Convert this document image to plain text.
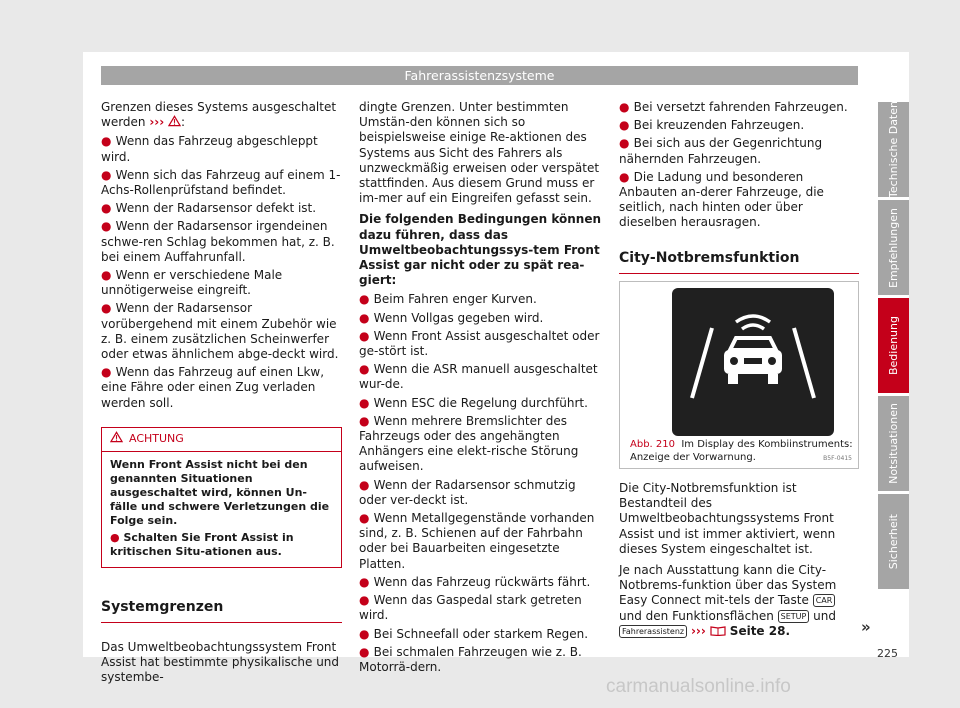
Fahrerassistenzsysteme
Grenzen dieses Systems ausgeschaltet werden ››› :
● Wenn das Fahrzeug abgeschleppt wird.
● Wenn sich das Fahrzeug auf einem 1-Achs-Rollenprüfstand befindet.
● Wenn der Radarsensor defekt ist.
● Wenn der Radarsensor irgendeinen schwe-ren Schlag bekommen hat, z. B. bei einem Auffahrunfall.
● Wenn er verschiedene Male unnötigerweise eingreift.
● Wenn der Radarsensor vorübergehend mit einem Zubehör wie z. B. einem zusätzlichen Scheinwerfer oder etwas ähnlichem abge-deckt wird.
● Wenn das Fahrzeug auf einen Lkw, eine Fähre oder einen Zug verladen werden soll.
ACHTUNG
Wenn Front Assist nicht bei den genannten Situationen ausgeschaltet wird, können Un-fälle und schwere Verletzungen die Folge sein.
● Schalten Sie Front Assist in kritischen Situ-ationen aus.
Systemgrenzen
Das Umweltbeobachtungssystem Front Assist hat bestimmte physikalische und systembe-
dingte Grenzen. Unter bestimmten Umstän-den können sich so beispielsweise einige Re-aktionen des Systems aus Sicht des Fahrers als unzweckmäßig erweisen oder verspätet stattfinden. Aus diesem Grund muss er im-mer auf ein Eingreifen gefasst sein.
Die folgenden Bedingungen können dazu führen, dass das Umweltbeobachtungssys-tem Front Assist gar nicht oder zu spät rea-giert:
● Beim Fahren enger Kurven.
● Wenn Vollgas gegeben wird.
● Wenn Front Assist ausgeschaltet oder ge-stört ist.
● Wenn die ASR manuell ausgeschaltet wur-de.
● Wenn ESC die Regelung durchführt.
● Wenn mehrere Bremslichter des Fahrzeugs oder des angehängten Anhängers eine elekt-rische Störung aufweisen.
● Wenn der Radarsensor schmutzig oder ver-deckt ist.
● Wenn Metallgegenstände vorhanden sind, z. B. Schienen auf der Fahrbahn oder bei Bauarbeiten eingesetzte Platten.
● Wenn das Fahrzeug rückwärts fährt.
● Wenn das Gaspedal stark getreten wird.
● Bei Schneefall oder starkem Regen.
● Bei schmalen Fahrzeugen wie z. B. Motorrä-dern.
● Bei versetzt fahrenden Fahrzeugen.
● Bei kreuzenden Fahrzeugen.
● Bei sich aus der Gegenrichtung nähernden Fahrzeugen.
● Die Ladung und besonderen Anbauten an-derer Fahrzeuge, die seitlich, nach hinten oder über dieselben herausragen.
City-Notbremsfunktion
B5F-0415
Abb. 210 Im Display des Kombiinstruments: Anzeige der Vorwarnung.
Die City-Notbremsfunktion ist Bestandteil des Umweltbeobachtungssystems Front Assist und ist immer aktiviert, wenn dieses System eingeschaltet ist.
Je nach Ausstattung kann die City-Notbrems-funktion über das System Easy Connect mit-tels der Taste CAR und den Funktionsflächen SETUP und Fahrerassistenz ›››  Seite 28.	»
Technische Daten
Empfehlungen
Bedienung
Notsituationen
Sicherheit
225
carmanualsonline.info
